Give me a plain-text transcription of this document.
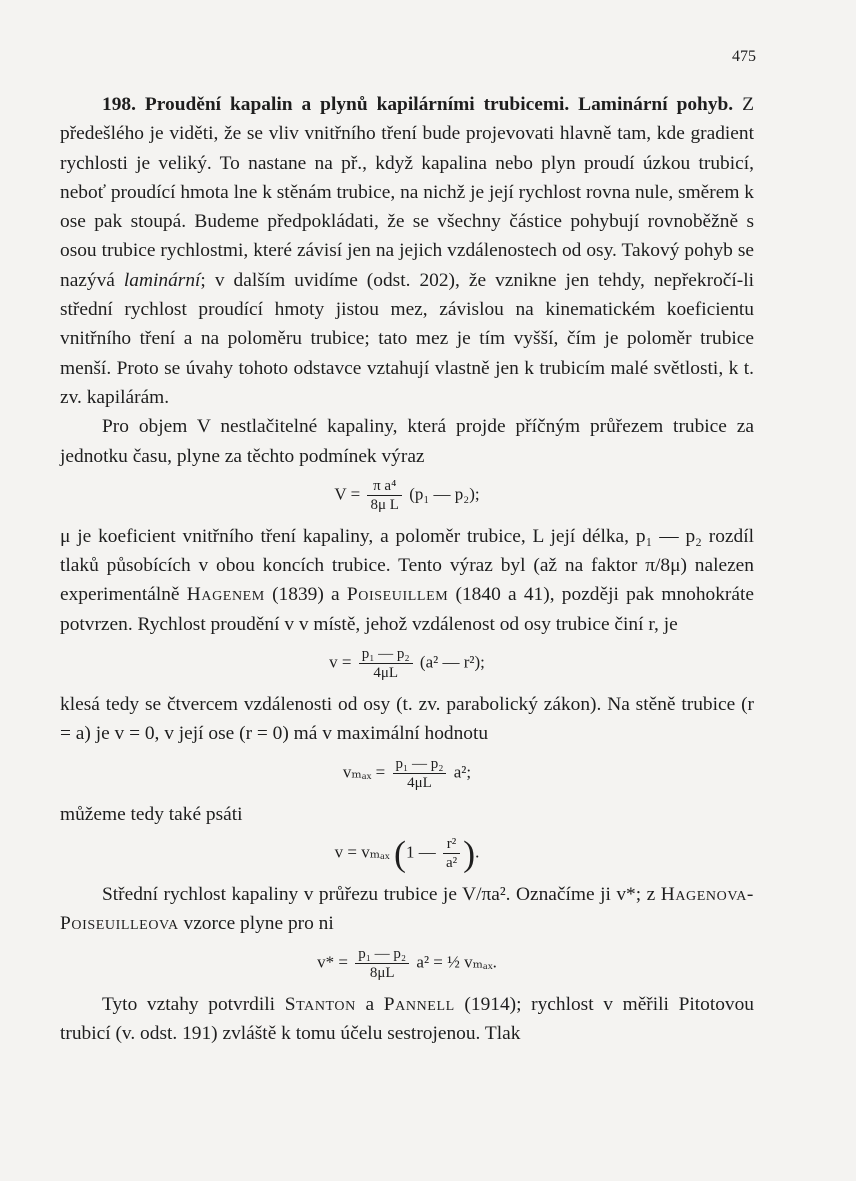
475

198. Proudění kapalin a plynů kapilárními trubicemi. Laminární pohyb. Z předešlého je viděti, že se vliv vnitřního tření bude projevovati hlavně tam, kde gradient rychlosti je veliký. To nastane na př., když kapalina nebo plyn proudí úzkou trubicí, neboť proudící hmota lne k stěnám trubice, na nichž je její rychlost rovna nule, směrem k ose pak stoupá. Budeme předpokládati, že se všechny částice pohybují rovnoběžně s osou trubice rychlostmi, které závisí jen na jejich vzdálenostech od osy. Takový pohyb se nazývá laminární; v dalším uvidíme (odst. 202), že vznikne jen tehdy, nepřekročí-li střední rychlost proudící hmoty jistou mez, závislou na kinematickém koeficientu vnitřního tření a na poloměru trubice; tato mez je tím vyšší, čím je poloměr trubice menší. Proto se úvahy tohoto odstavce vztahují vlastně jen k trubicím malé světlosti, k t. zv. kapilárám.

Pro objem V nestlačitelné kapaliny, která projde příčným průřezem trubice za jednotku času, plyne za těchto podmínek výraz

$V = \frac{\text{π a⁴}}{\text{8μ L}} (p_1$ — p₂);

μ je koeficient vnitřního tření kapaliny, a poloměr trubice, L její délka, p₁ — p₂ rozdíl tlaků působících v obou koncích trubice. Tento výraz byl (až na faktor π/8μ) nalezen experimentálně Hagenem (1839) a Poiseuillem (1840 a 41), později pak mnohokráte potvrzen. Rychlost proudění v v místě, jehož vzdálenost od osy trubice činí r, je

$v = \frac{\text{p₁ — p₂}}{4\mu L} (a^2$ — r²);

klesá tedy se čtvercem vzdálenosti od osy (t. zv. parabolický zákon). Na stěně trubice (r = a) je v = 0, v její ose (r = 0) má v maximální hodnotu

$v_{max} = \frac{\text{p₁ — p₂}}{4\mu L} a^2$;

můžeme tedy také psáti

v = vₘₐₓ (1 — $\frac{\text{r²}}{\text{a²}}$ ).

Střední rychlost kapaliny v průřezu trubice je V/πa². Označíme ji v*; z Hagenova-Poiseuilleova vzorce plyne pro ni

$v* = \frac{\text{p₁ — p₂}}{8\mu L} a^2$ = ½ vₘₐₓ.

Tyto vztahy potvrdili Stanton a Pannell (1914); rychlost v měřili Pitotovou trubicí (v. odst. 191) zvláště k tomu účelu sestrojenou. Tlak
